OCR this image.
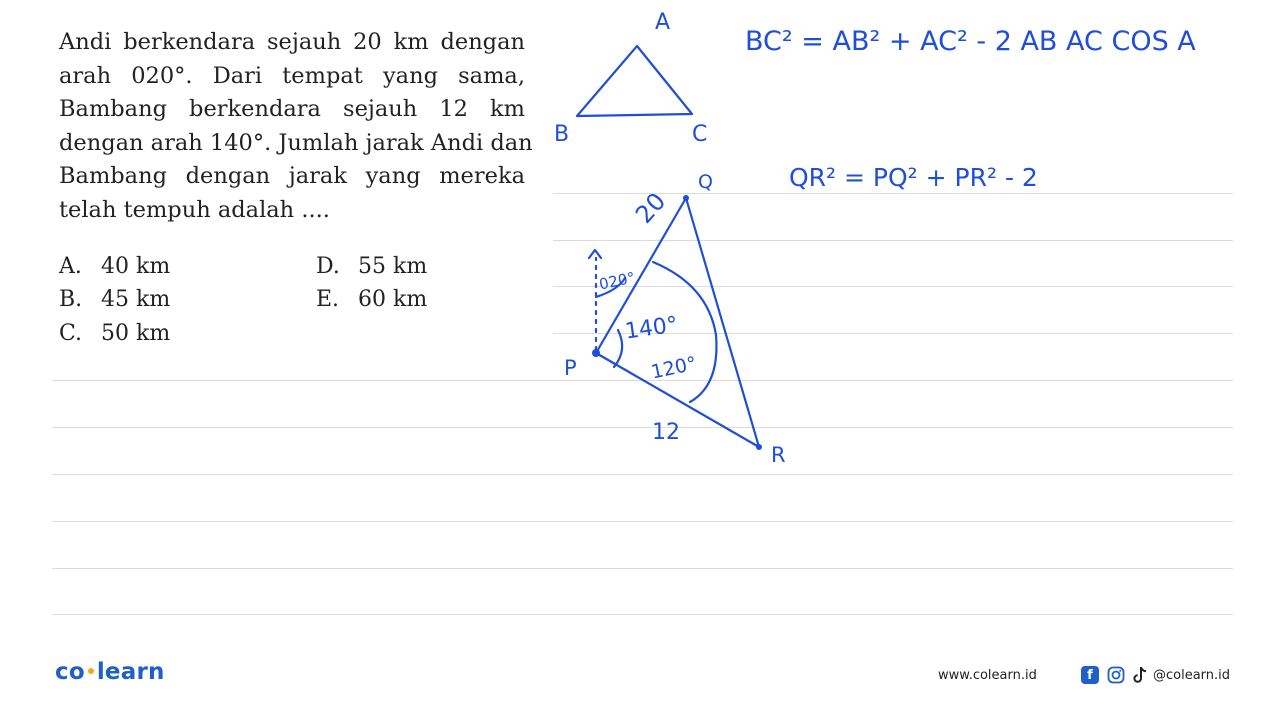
Andi berkendara sejauh 20 km dengan
arah 020°. Dari tempat yang sama,
Bambang berkendara sejauh 12 km
dengan arah 140°. Jumlah jarak Andi dan
Bambang dengan jarak yang mereka
telah tempuh adalah ....
A. 40 km
B. 45 km
C. 50 km
D. 55 km
E. 60 km
A
B	C
BC² = AB² + AC² - 2 AB AC COS A
QR² = PQ² + PR² - 2
Q
P
R
20
12
020°
140°
120°
co learn	www.colearn.id	f	@colearn.id
